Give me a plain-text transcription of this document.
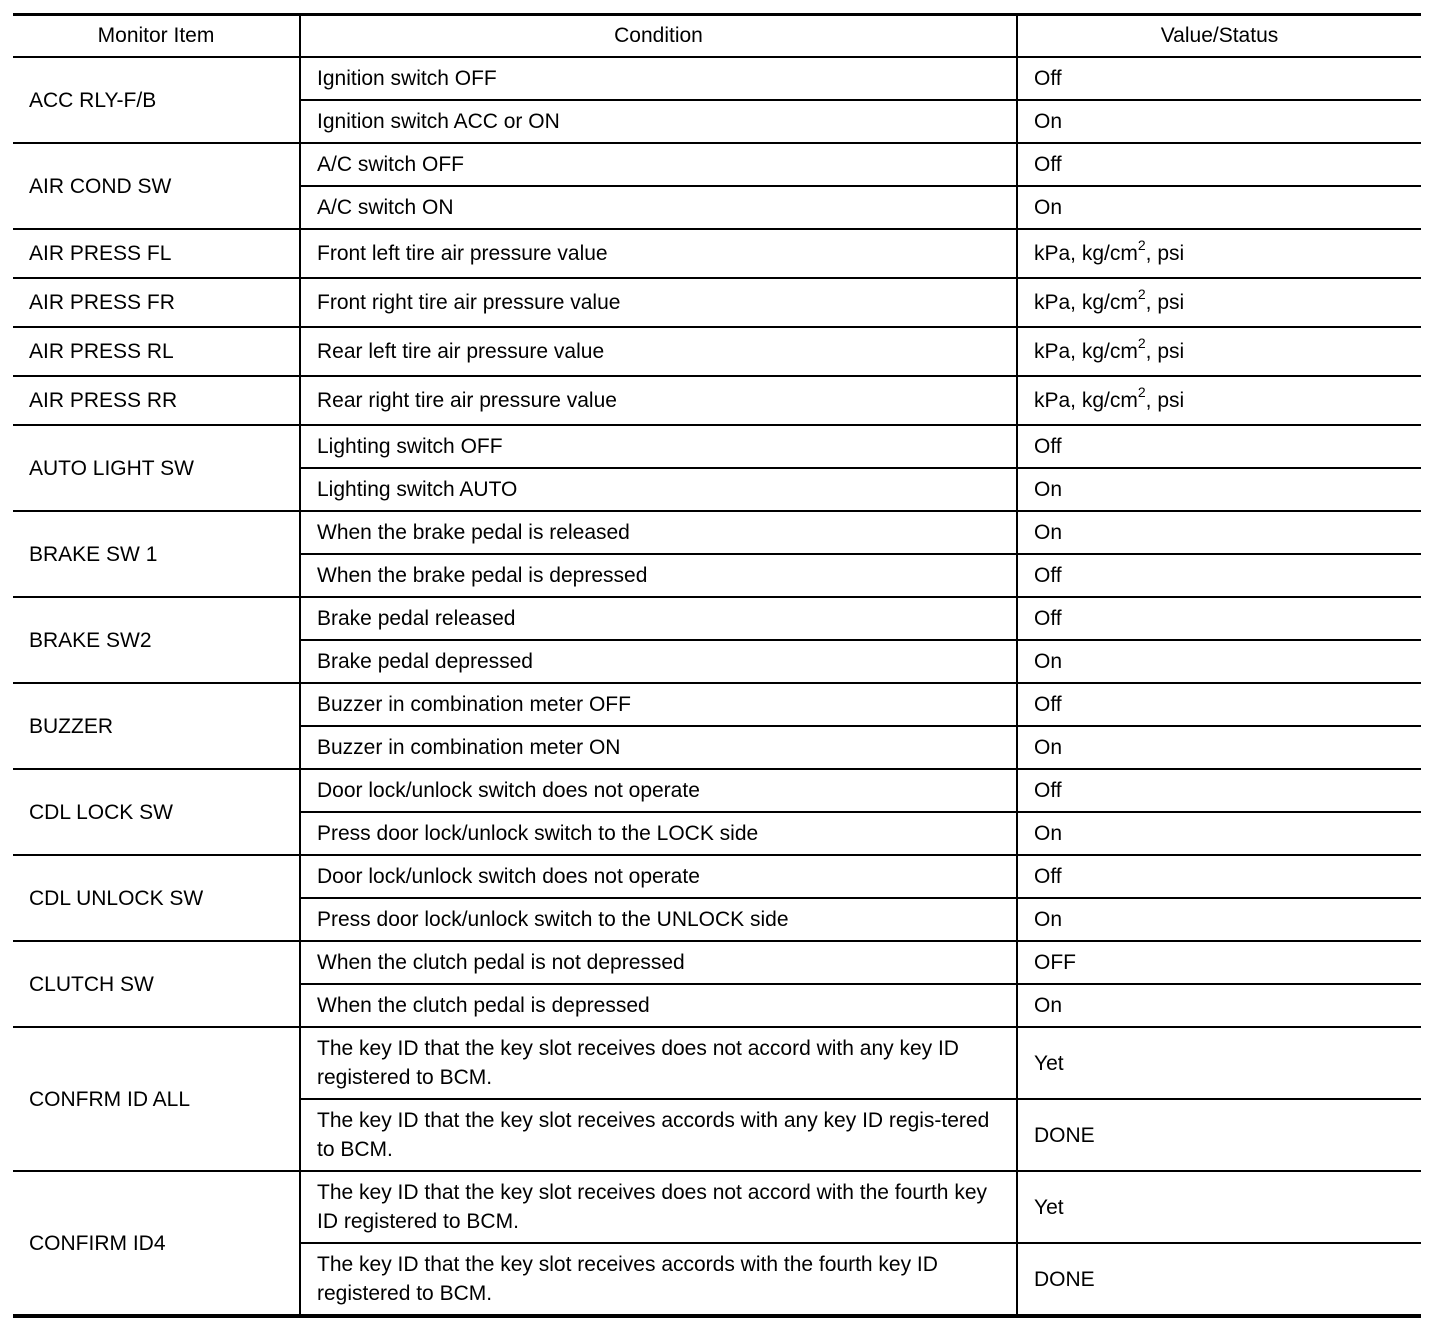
Monitor Item	Condition	Value/Status
ACC RLY-F/B	Ignition switch OFF	Off
	Ignition switch ACC or ON	On
AIR COND SW	A/C switch OFF	Off
	A/C switch ON	On
AIR PRESS FL	Front left tire air pressure value	kPa, $kg/cm^2$, psi
AIR PRESS FR	Front right tire air pressure value	kPa, $kg/cm^2$, psi
AIR PRESS RL	Rear left tire air pressure value	kPa, $kg/cm^2$, psi
AIR PRESS RR	Rear right tire air pressure value	kPa, $kg/cm^2$, psi
AUTO LIGHT SW	Lighting switch OFF	Off
	Lighting switch AUTO	On
BRAKE SW 1	When the brake pedal is released	On
	When the brake pedal is depressed	Off
BRAKE SW2	Brake pedal released	Off
	Brake pedal depressed	On
BUZZER	Buzzer in combination meter OFF	Off
	Buzzer in combination meter ON	On
CDL LOCK SW	Door lock/unlock switch does not operate	Off
	Press door lock/unlock switch to the LOCK side	On
CDL UNLOCK SW	Door lock/unlock switch does not operate	Off
	Press door lock/unlock switch to the UNLOCK side	On
CLUTCH SW	When the clutch pedal is not depressed	OFF
	When the clutch pedal is depressed	On
CONFRM ID ALL	The key ID that the key slot receives does not accord with any key ID registered to BCM.	Yet
	The key ID that the key slot receives accords with any key ID regis-tered to BCM.	DONE
CONFIRM ID4	The key ID that the key slot receives does not accord with the fourth key ID registered to BCM.	Yet
	The key ID that the key slot receives accords with the fourth key ID registered to BCM.	DONE
